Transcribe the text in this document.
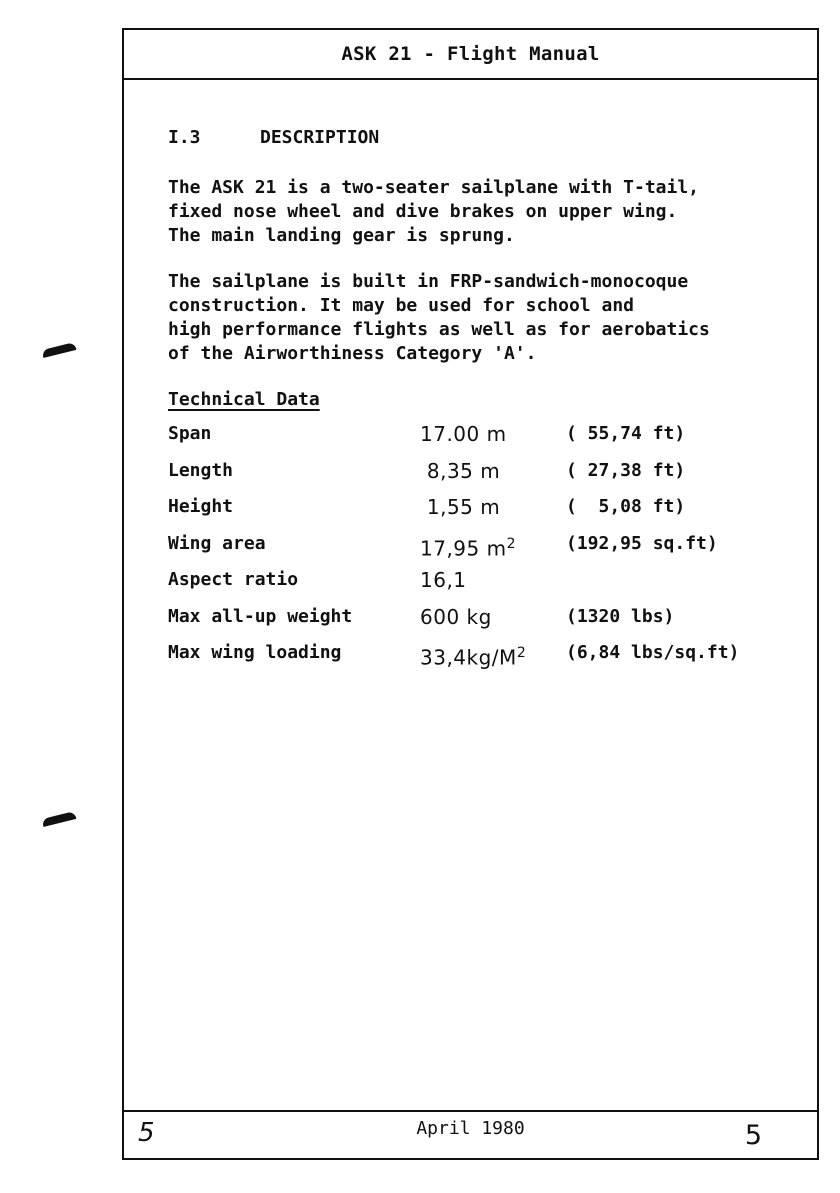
ASK 21 - Flight Manual
I.3	DESCRIPTION
The ASK 21 is a two-seater sailplane with T-tail,
fixed nose wheel and dive brakes on upper wing.
The main landing gear is sprung.
The sailplane is built in FRP-sandwich-monocoque
construction. It may be used for school and
high performance flights as well as for aerobatics
of the Airworthiness Category 'A'.
Technical Data
Span	17.00 m	( 55,74 ft)
Length	8,35 m	( 27,38 ft)
Height	1,55 m	(  5,08 ft)
Wing area	17,95 $m^2$	(192,95 sq.ft)
Aspect ratio	16,1
Max all-up weight	600 kg	(1320 lbs)
Max wing loading	$33,4kg/M^2$ (6,84 lbs/sq.ft)
5	April 1980	5
